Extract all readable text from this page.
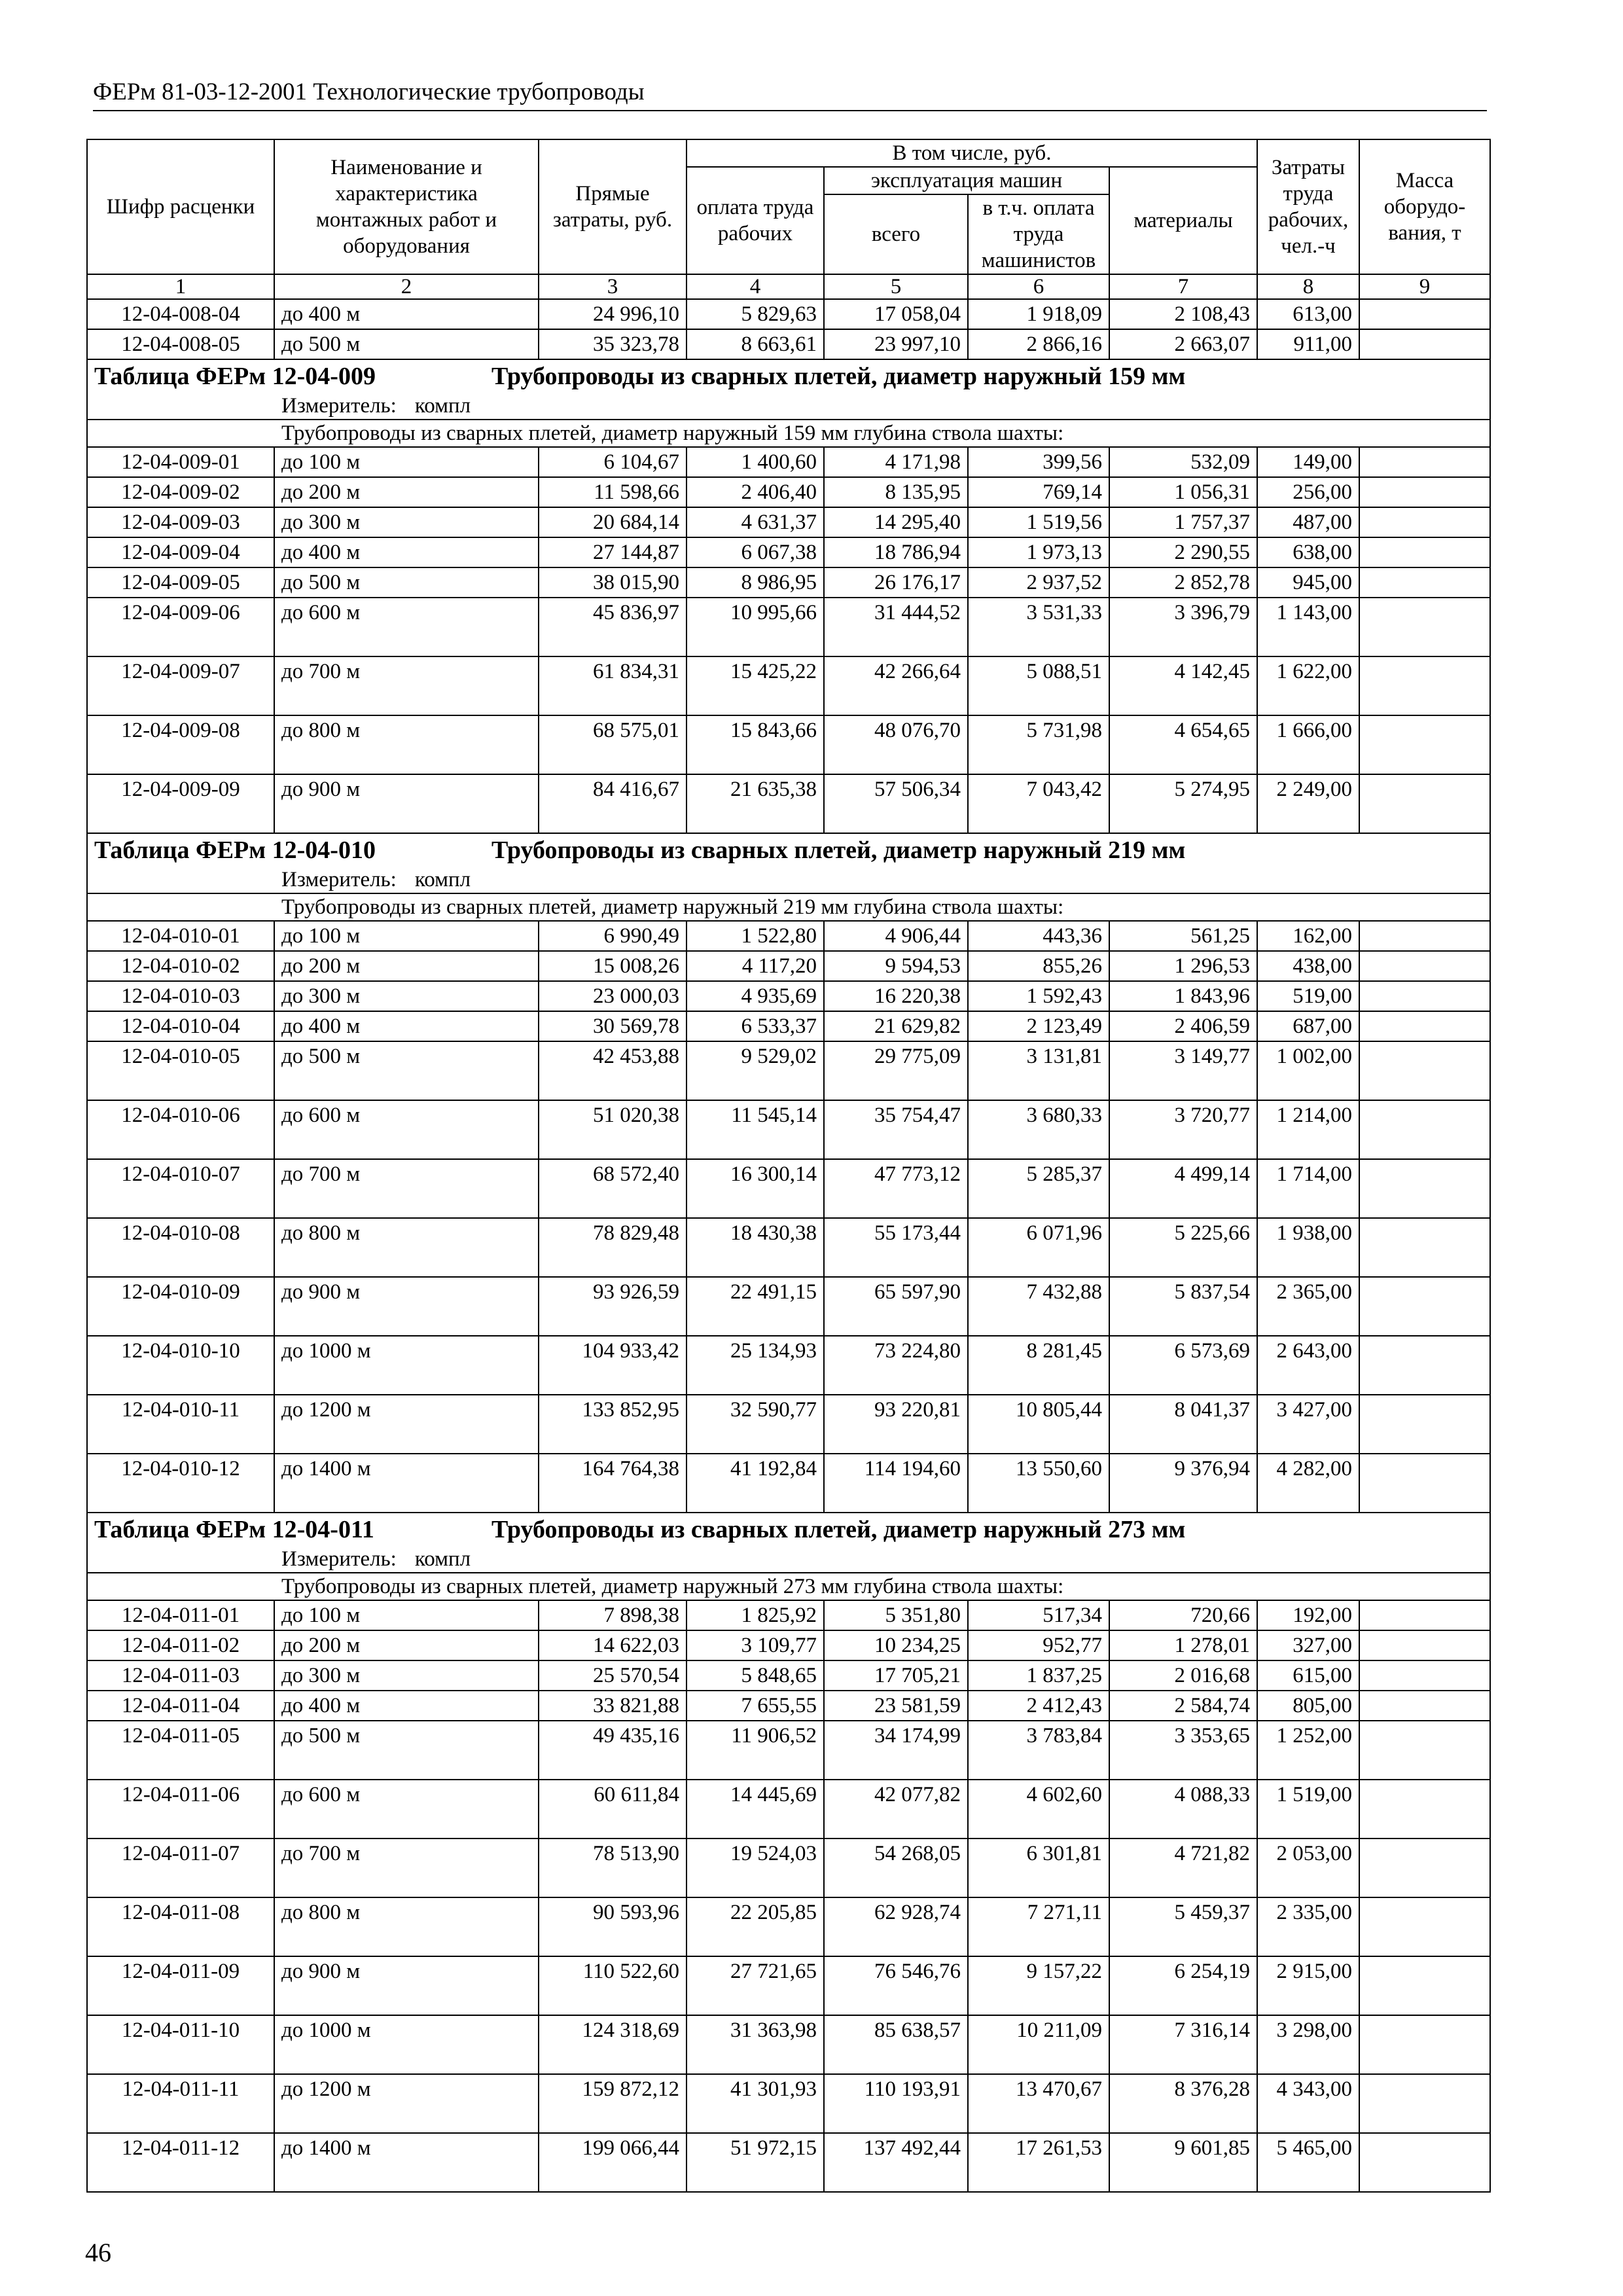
ФЕРм 81-03-12-2001 Технологические трубопроводы
Шифр расценки	Наименование и характеристика монтажных работ и оборудования	Прямые затраты, руб.	В том числе, руб.				Затраты труда рабочих, чел.-ч	Масса оборудо-вания, т
			оплата труда рабочих	эксплуатация машин		материалы		
				всего	в т.ч. оплата труда машинистов			
1	2	3	4	5	6	7	8	9
12-04-008-04	до 400 м	24 996,10	5 829,63	17 058,04	1 918,09	2 108,43	613,00	
12-04-008-05	до 500 м	35 323,78	8 663,61	23 997,10	2 866,16	2 663,07	911,00	
Таблица ФЕРм 12-04-009 Трубопроводы из сварных плетей, диаметр наружный 159 мм								
Измеритель: компл								
Трубопроводы из сварных плетей, диаметр наружный 159 мм глубина ствола шахты:								
12-04-009-01	до 100 м	6 104,67	1 400,60	4 171,98	399,56	532,09	149,00	
12-04-009-02	до 200 м	11 598,66	2 406,40	8 135,95	769,14	1 056,31	256,00	
12-04-009-03	до 300 м	20 684,14	4 631,37	14 295,40	1 519,56	1 757,37	487,00	
12-04-009-04	до 400 м	27 144,87	6 067,38	18 786,94	1 973,13	2 290,55	638,00	
12-04-009-05	до 500 м	38 015,90	8 986,95	26 176,17	2 937,52	2 852,78	945,00	
12-04-009-06	до 600 м	45 836,97	10 995,66	31 444,52	3 531,33	3 396,79	1 143,00	
12-04-009-07	до 700 м	61 834,31	15 425,22	42 266,64	5 088,51	4 142,45	1 622,00	
12-04-009-08	до 800 м	68 575,01	15 843,66	48 076,70	5 731,98	4 654,65	1 666,00	
12-04-009-09	до 900 м	84 416,67	21 635,38	57 506,34	7 043,42	5 274,95	2 249,00	
Таблица ФЕРм 12-04-010 Трубопроводы из сварных плетей, диаметр наружный 219 мм								
Измеритель: компл								
Трубопроводы из сварных плетей, диаметр наружный 219 мм глубина ствола шахты:								
12-04-010-01	до 100 м	6 990,49	1 522,80	4 906,44	443,36	561,25	162,00	
12-04-010-02	до 200 м	15 008,26	4 117,20	9 594,53	855,26	1 296,53	438,00	
12-04-010-03	до 300 м	23 000,03	4 935,69	16 220,38	1 592,43	1 843,96	519,00	
12-04-010-04	до 400 м	30 569,78	6 533,37	21 629,82	2 123,49	2 406,59	687,00	
12-04-010-05	до 500 м	42 453,88	9 529,02	29 775,09	3 131,81	3 149,77	1 002,00	
12-04-010-06	до 600 м	51 020,38	11 545,14	35 754,47	3 680,33	3 720,77	1 214,00	
12-04-010-07	до 700 м	68 572,40	16 300,14	47 773,12	5 285,37	4 499,14	1 714,00	
12-04-010-08	до 800 м	78 829,48	18 430,38	55 173,44	6 071,96	5 225,66	1 938,00	
12-04-010-09	до 900 м	93 926,59	22 491,15	65 597,90	7 432,88	5 837,54	2 365,00	
12-04-010-10	до 1000 м	104 933,42	25 134,93	73 224,80	8 281,45	6 573,69	2 643,00	
12-04-010-11	до 1200 м	133 852,95	32 590,77	93 220,81	10 805,44	8 041,37	3 427,00	
12-04-010-12	до 1400 м	164 764,38	41 192,84	114 194,60	13 550,60	9 376,94	4 282,00	
Таблица ФЕРм 12-04-011 Трубопроводы из сварных плетей, диаметр наружный 273 мм								
Измеритель: компл								
Трубопроводы из сварных плетей, диаметр наружный 273 мм глубина ствола шахты:								
12-04-011-01	до 100 м	7 898,38	1 825,92	5 351,80	517,34	720,66	192,00	
12-04-011-02	до 200 м	14 622,03	3 109,77	10 234,25	952,77	1 278,01	327,00	
12-04-011-03	до 300 м	25 570,54	5 848,65	17 705,21	1 837,25	2 016,68	615,00	
12-04-011-04	до 400 м	33 821,88	7 655,55	23 581,59	2 412,43	2 584,74	805,00	
12-04-011-05	до 500 м	49 435,16	11 906,52	34 174,99	3 783,84	3 353,65	1 252,00	
12-04-011-06	до 600 м	60 611,84	14 445,69	42 077,82	4 602,60	4 088,33	1 519,00	
12-04-011-07	до 700 м	78 513,90	19 524,03	54 268,05	6 301,81	4 721,82	2 053,00	
12-04-011-08	до 800 м	90 593,96	22 205,85	62 928,74	7 271,11	5 459,37	2 335,00	
12-04-011-09	до 900 м	110 522,60	27 721,65	76 546,76	9 157,22	6 254,19	2 915,00	
12-04-011-10	до 1000 м	124 318,69	31 363,98	85 638,57	10 211,09	7 316,14	3 298,00	
12-04-011-11	до 1200 м	159 872,12	41 301,93	110 193,91	13 470,67	8 376,28	4 343,00	
12-04-011-12	до 1400 м	199 066,44	51 972,15	137 492,44	17 261,53	9 601,85	5 465,00	
46
